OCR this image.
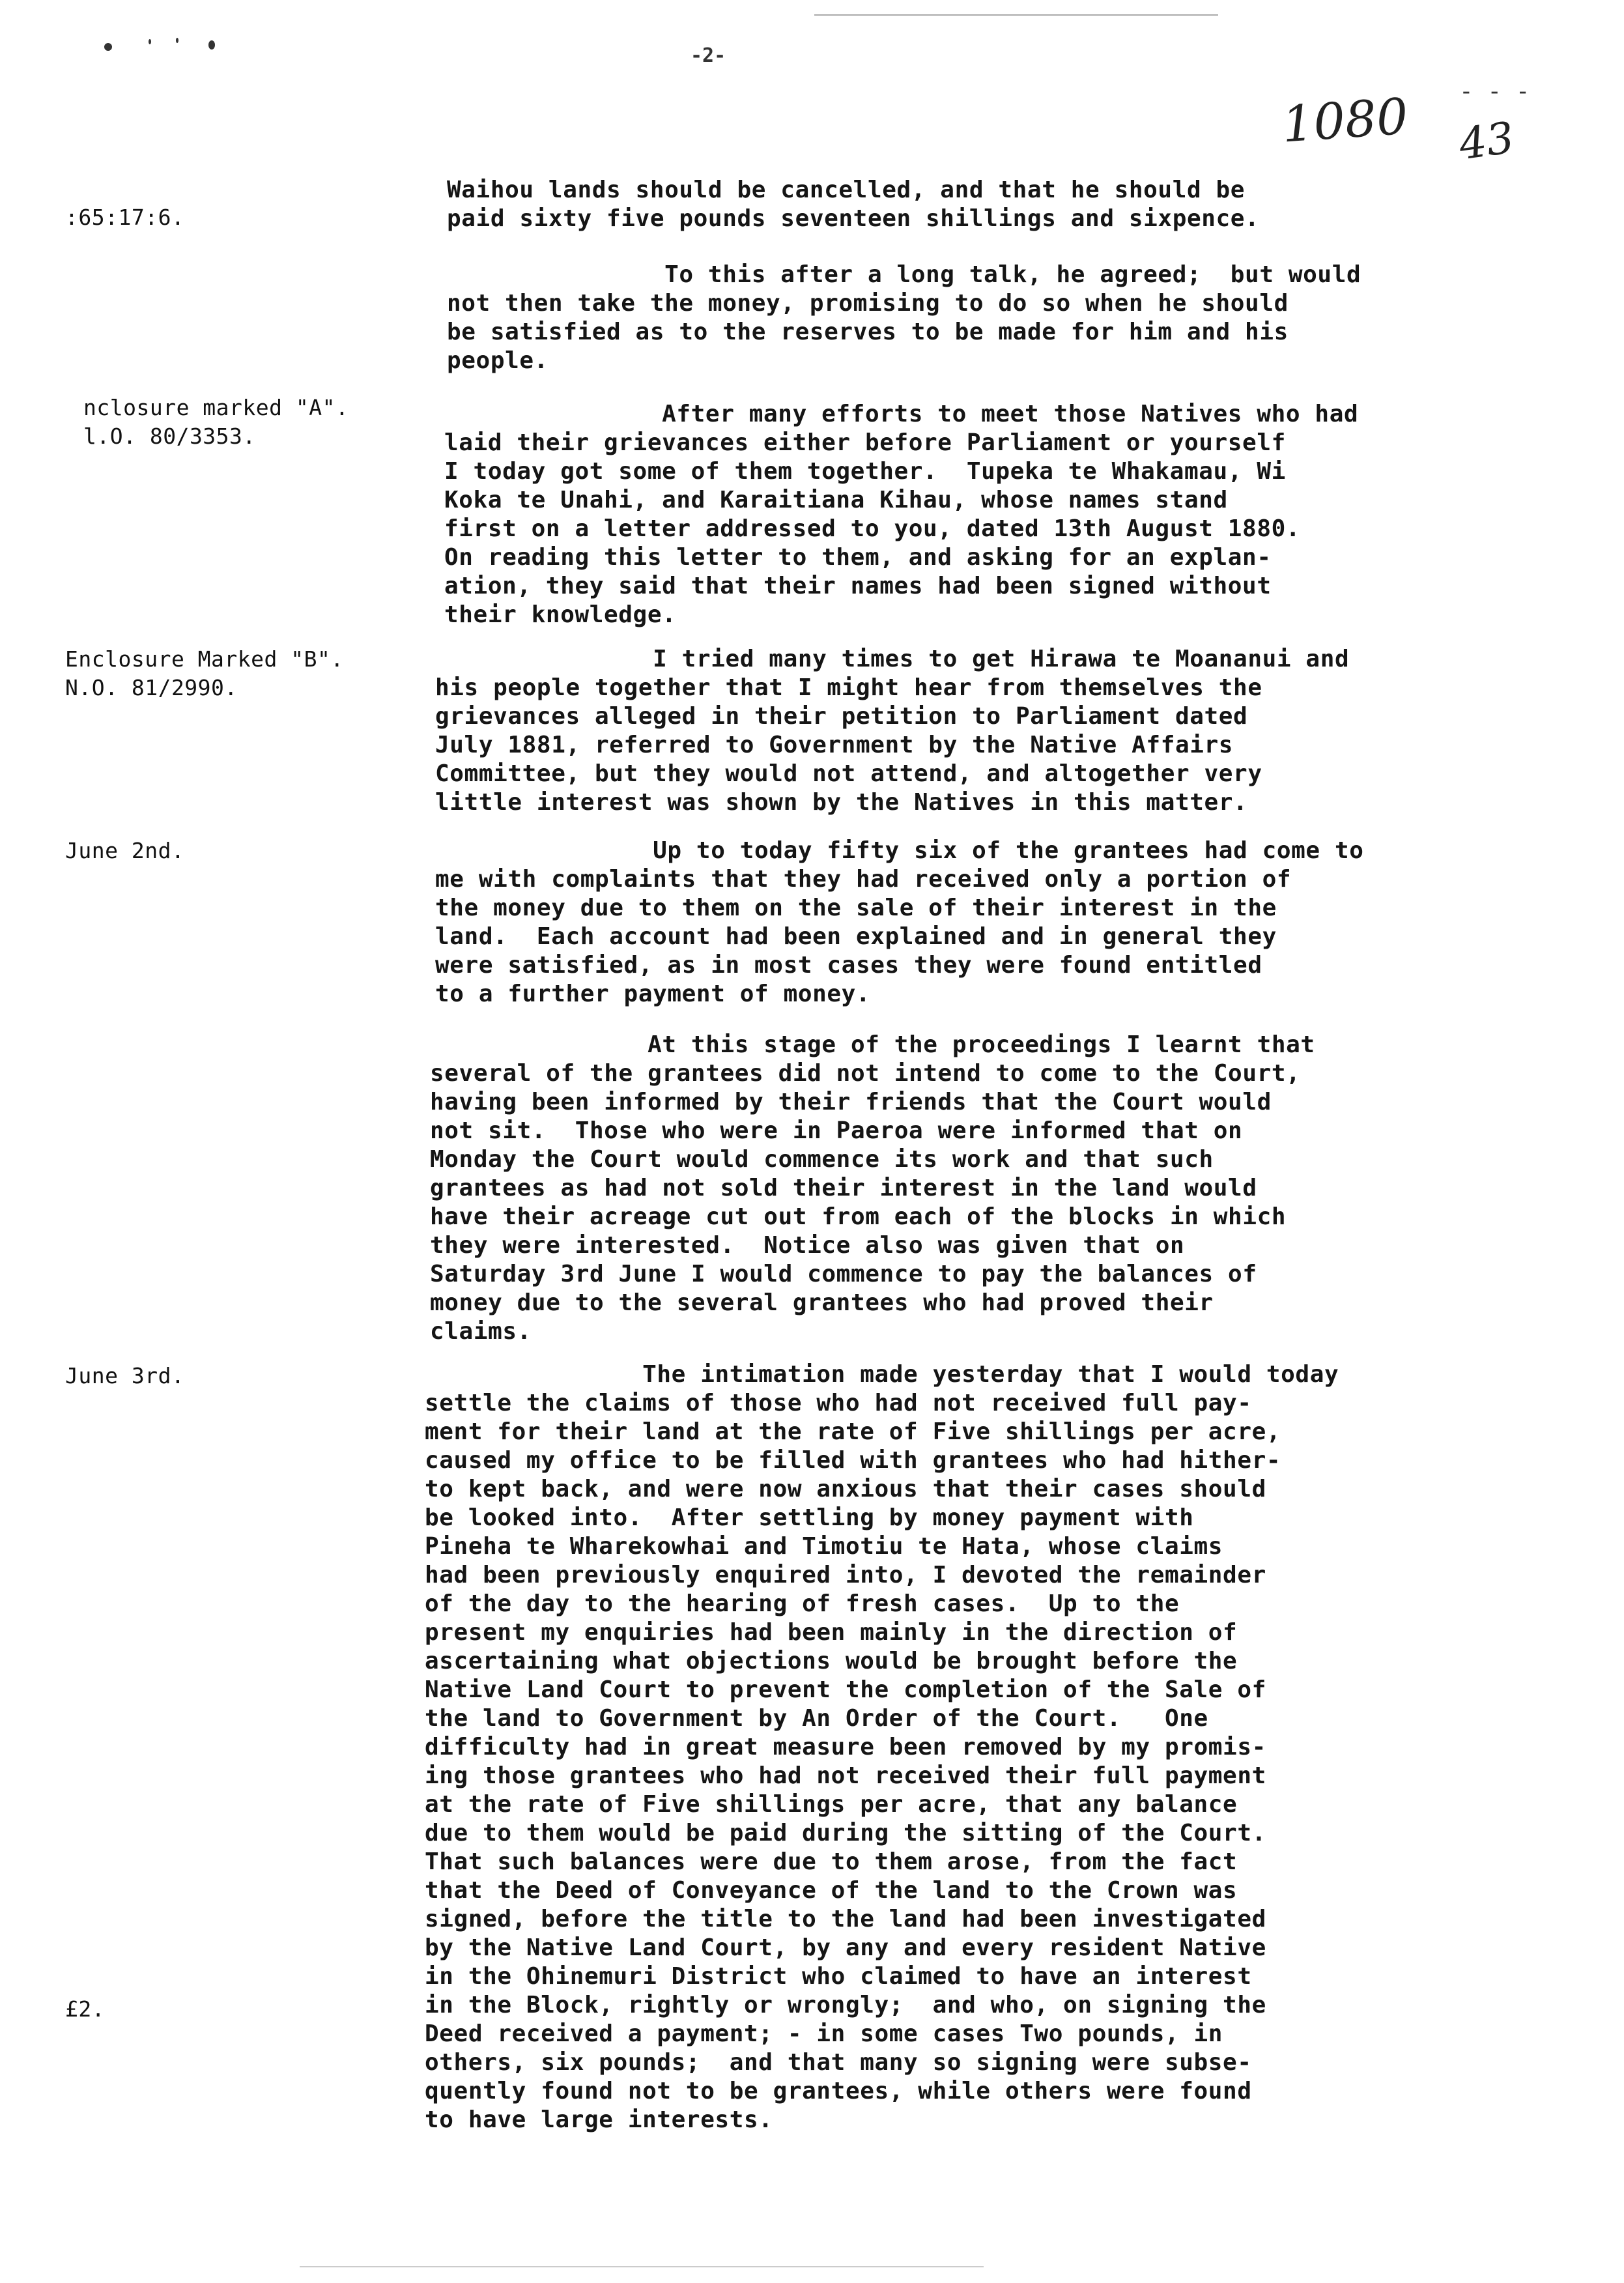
-2-
1080 43
- - -
:65:17:6.
nclosure marked "A".
l.O. 80/3353.
Enclosure Marked "B".
N.O. 81/2990.
June 2nd.
June 3rd.
£2.
Waihou lands should be cancelled, and that he should be
paid sixty five pounds seventeen shillings and sixpence.
To this after a long talk, he agreed;  but would
not then take the money, promising to do so when he should
be satisfied as to the reserves to be made for him and his
people.
After many efforts to meet those Natives who had
laid their grievances either before Parliament or yourself
I today got some of them together.  Tupeka te Whakamau, Wi
Koka te Unahi, and Karaitiana Kihau, whose names stand
first on a letter addressed to you, dated 13th August 1880.
On reading this letter to them, and asking for an explan-
ation, they said that their names had been signed without
their knowledge.
I tried many times to get Hirawa te Moananui and
his people together that I might hear from themselves the
grievances alleged in their petition to Parliament dated
July 1881, referred to Government by the Native Affairs
Committee, but they would not attend, and altogether very
little interest was shown by the Natives in this matter.
Up to today fifty six of the grantees had come to
me with complaints that they had received only a portion of
the money due to them on the sale of their interest in the
land.  Each account had been explained and in general they
were satisfied, as in most cases they were found entitled
to a further payment of money.
At this stage of the proceedings I learnt that
several of the grantees did not intend to come to the Court,
having been informed by their friends that the Court would
not sit.  Those who were in Paeroa were informed that on
Monday the Court would commence its work and that such
grantees as had not sold their interest in the land would
have their acreage cut out from each of the blocks in which
they were interested.  Notice also was given that on
Saturday 3rd June I would commence to pay the balances of
money due to the several grantees who had proved their
claims.
The intimation made yesterday that I would today
settle the claims of those who had not received full pay-
ment for their land at the rate of Five shillings per acre,
caused my office to be filled with grantees who had hither-
to kept back, and were now anxious that their cases should
be looked into.  After settling by money payment with
Pineha te Wharekowhai and Timotiu te Hata, whose claims
had been previously enquired into, I devoted the remainder
of the day to the hearing of fresh cases.  Up to the
present my enquiries had been mainly in the direction of
ascertaining what objections would be brought before the
Native Land Court to prevent the completion of the Sale of
the land to Government by An Order of the Court.   One
difficulty had in great measure been removed by my promis-
ing those grantees who had not received their full payment
at the rate of Five shillings per acre, that any balance
due to them would be paid during the sitting of the Court.
That such balances were due to them arose, from the fact
that the Deed of Conveyance of the land to the Crown was
signed, before the title to the land had been investigated
by the Native Land Court, by any and every resident Native
in the Ohinemuri District who claimed to have an interest
in the Block, rightly or wrongly;  and who, on signing the
Deed received a payment; - in some cases Two pounds, in
others, six pounds;  and that many so signing were subse-
quently found not to be grantees, while others were found
to have large interests.
